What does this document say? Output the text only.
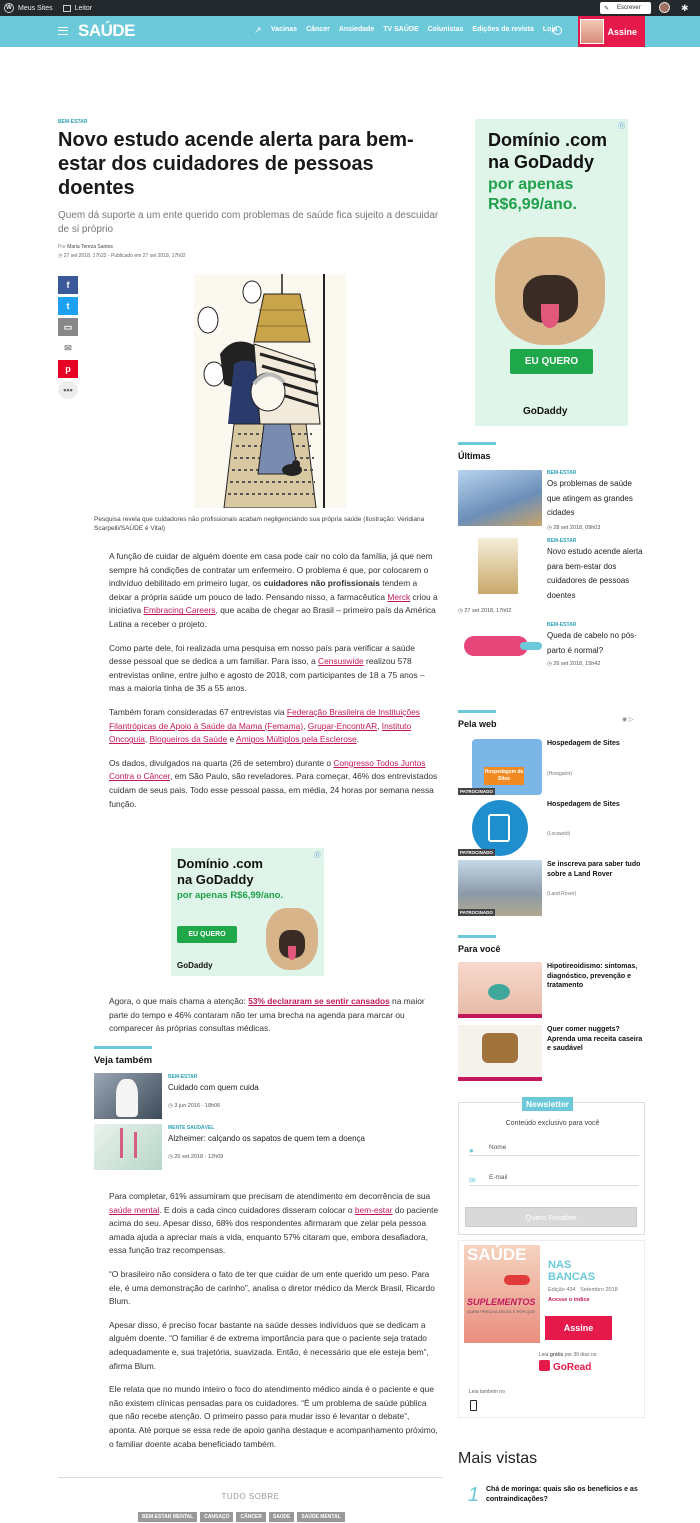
W Meus Sites	Leitor	✎ Escrever	✱
SAÚDE	↗ Vacinas Câncer Ansiedade TV SAÚDE Colunistas Edições da revista Loja	Assine
BEM-ESTAR
Novo estudo acende alerta para bem-estar dos cuidadores de pessoas doentes
Quem dá suporte a um ente querido com problemas de saúde fica sujeito a descuidar de si próprio
Por Maria Tereza Santos
◷ 27 set 2018, 17h22 - Publicado em 27 set 2018, 17h02
f
t
▭
✉
p
•••
Pesquisa revela que cuidadores não profissionais acabam negligenciando sua própria saúde (Ilustração: Veridiana Scarpelli/SAÚDE é Vital)

A função de cuidar de alguém doente em casa pode cair no colo da família, já que nem sempre há condições de contratar um enfermeiro. O problema é que, por colocarem o indivíduo debilitado em primeiro lugar, os cuidadores não profissionais tendem a deixar a própria saúde um pouco de lado. Pensando nisso, a farmacêutica Merck criou a iniciativa Embracing Careers, que acaba de chegar ao Brasil – primeiro país da América Latina a receber o projeto.

Como parte dele, foi realizada uma pesquisa em nosso país para verificar a saúde desse pessoal que se dedica a um familiar. Para isso, a Censuswide realizou 578 entrevistas online, entre julho e agosto de 2018, com participantes de 18 a 75 anos – mas a maioria tinha de 35 a 55 anos.

Também foram consideradas 67 entrevistas via Federação Brasileira de Instituições Filantrópicas de Apoio à Saúde da Mama (Femama), Grupar-EncontrAR, Instituto Oncoguia, Blogueiros da Saúde e Amigos Múltiplos pela Esclerose.

Os dados, divulgados na quarta (26 de setembro) durante o Congresso Todos Juntos Contra o Câncer, em São Paulo, são reveladores. Para começar, 46% dos entrevistados cuidam de seus pais. Todo esse pessoal passa, em média, 24 horas por semana nessa função.

⓪
Domínio .com
na GoDaddy
por apenas R$6,99/ano.
EU QUERO
GoDaddy

Agora, o que mais chama a atenção: 53% declararam se sentir cansados na maior parte do tempo e 46% contaram não ter uma brecha na agenda para marcar ou comparecer às próprias consultas médicas.

Veja também
BEM-ESTAR
Cuidado com quem cuida
◷ 3 jun 2016 - 18h06
MENTE SAUDÁVEL
Alzheimer: calçando os sapatos de quem tem a doença
◷ 20 set 2018 - 12h09

Para completar, 61% assumiram que precisam de atendimento em decorrência de sua saúde mental. E dois a cada cinco cuidadores disseram colocar o bem-estar do paciente acima do seu. Apesar disso, 68% dos respondentes afirmaram que zelar pela pessoa amada ajuda a apreciar mais a vida, enquanto 57% citaram que, embora desafiadora, essa função traz recompensas.

“O brasileiro não considera o fato de ter que cuidar de um ente querido um peso. Para ele, é uma demonstração de carinho”, analisa o diretor médico da Merck Brasil, Ricardo Blum.

Apesar disso, é preciso focar bastante na saúde desses indivíduos que se dedicam a alguém doente. “O familiar é de extrema importância para que o paciente seja tratado adequadamente e, sua trajetória, suavizada. Então, é necessário que ele esteja bem”, afirma Blum.

Ele relata que no mundo inteiro o foco do atendimento médico ainda é o paciente e que não existem clínicas pensadas para os cuidadores. “É um problema de saúde pública que não recebe atenção. O primeiro passo para mudar isso é levantar o debate”, aponta. Até porque se essa rede de apoio ganha destaque e acompanhamento próximo, o familiar doente acaba beneficiado também.

TUDO SOBRE
BEM-ESTAR MENTAL	CANSAÇO	CÂNCER	SAÚDE	SAÚDE MENTAL
⓪
Domínio .com
na GoDaddy
por apenas
R$6,99/ano.
EU QUERO
GoDaddy
Últimas
BEM-ESTAR
Os problemas de saúde que atingem as grandes cidades
◷ 28 set 2018, 09h03
BEM-ESTAR
Novo estudo acende alerta para bem-estar dos cuidadores de pessoas doentes
◷ 27 set 2018, 17h02
BEM-ESTAR
Queda de cabelo no pós-parto é normal?
◷ 26 set 2018, 15h42
Pela web	◉ ▷
Hospedagem de Sites
PATROCINADO
Hospedagem de Sites
(Hostgator)
PATROCINADO
Hospedagem de Sites
(Locaweb)
PATROCINADO
Se inscreva para saber tudo sobre a Land Rover
(Land Rover)
Para você
Hipotireoidismo: sintomas, diagnóstico, prevenção e tratamento
Quer comer nuggets? Aprenda uma receita caseira e saudável
Newsletter
Conteúdo exclusivo para você
● Nome
✉ E-mail
Quero Receber
SAÚDE
SUPLEMENTOS
QUEM PRECISA DELES E POR QUE
NAS
BANCAS
Edição 434 Setembro 2018
Acesse o índice
Assine
Leia grátis por 30 dias no
GoRead
Leia também no
Mais vistas
1 Chá de moringa: quais são os benefícios e as contraindicações?
